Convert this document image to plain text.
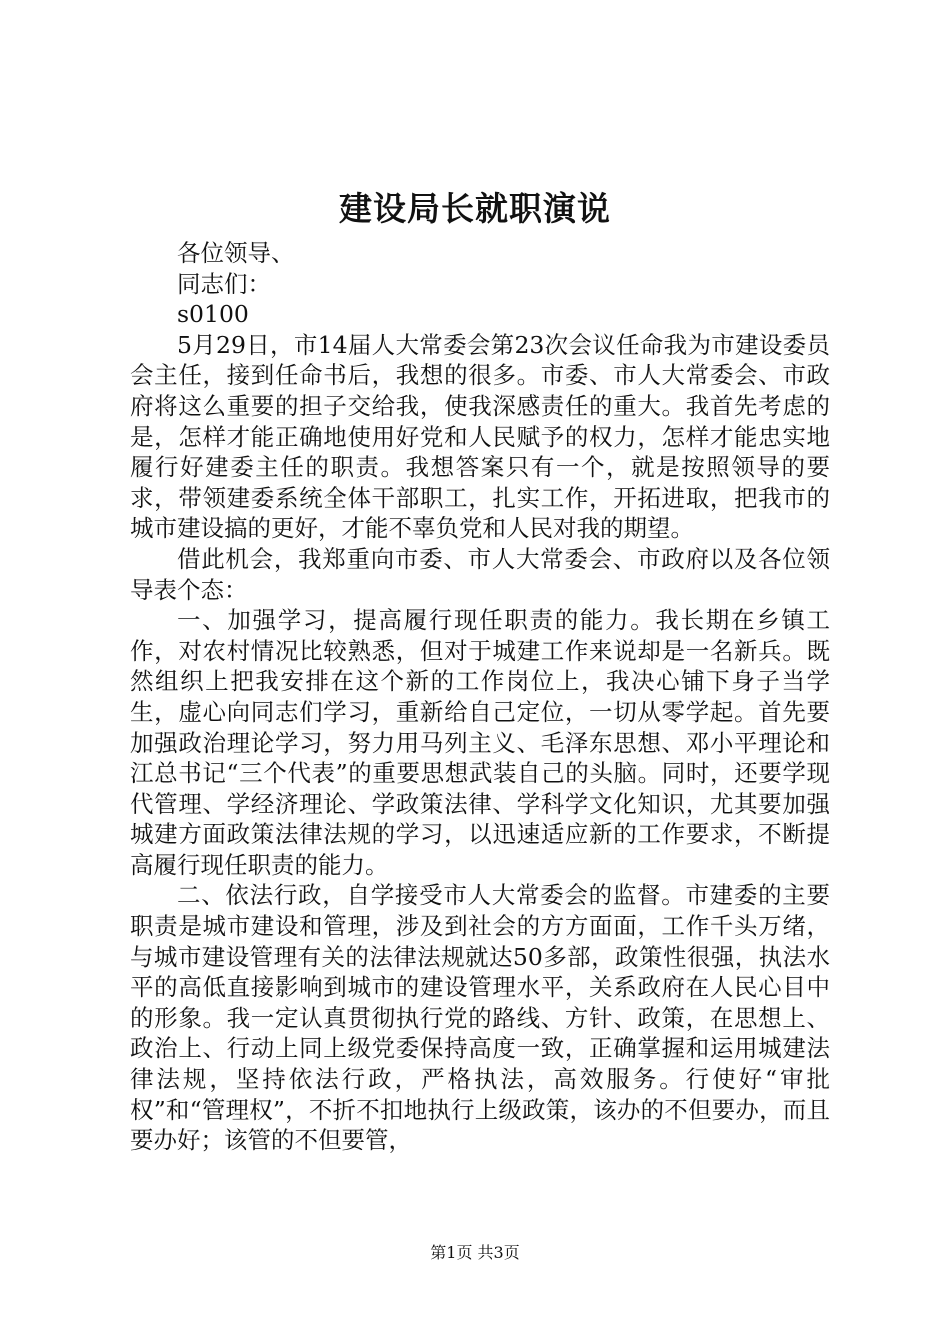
建设局长就职演说

各位领导、

同志们：

s0100

5月29日，市14届人大常委会第23次会议任命我为市建设委员会主任，接到任命书后，我想的很多。市委、市人大常委会、市政府将这么重要的担子交给我，使我深感责任的重大。我首先考虑的是，怎样才能正确地使用好党和人民赋予的权力，怎样才能忠实地履行好建委主任的职责。我想答案只有一个，就是按照领导的要求，带领建委系统全体干部职工，扎实工作，开拓进取，把我市的城市建设搞的更好，才能不辜负党和人民对我的期望。

借此机会，我郑重向市委、市人大常委会、市政府以及各位领导表个态：

一、加强学习，提高履行现任职责的能力。我长期在乡镇工作，对农村情况比较熟悉，但对于城建工作来说却是一名新兵。既然组织上把我安排在这个新的工作岗位上，我决心铺下身子当学生，虚心向同志们学习，重新给自己定位，一切从零学起。首先要加强政治理论学习，努力用马列主义、毛泽东思想、邓小平理论和江总书记“三个代表”的重要思想武装自己的头脑。同时，还要学现代管理、学经济理论、学政策法律、学科学文化知识，尤其要加强城建方面政策法律法规的学习，以迅速适应新的工作要求，不断提高履行现任职责的能力。

二、依法行政，自学接受市人大常委会的监督。市建委的主要职责是城市建设和管理，涉及到社会的方方面面，工作千头万绪，与城市建设管理有关的法律法规就达50多部，政策性很强，执法水平的高低直接影响到城市的建设管理水平，关系政府在人民心目中的形象。我一定认真贯彻执行党的路线、方针、政策，在思想上、政治上、行动上同上级党委保持高度一致，正确掌握和运用城建法律法规，坚持依法行政，严格执法，高效服务。行使好“审批权”和“管理权”，不折不扣地执行上级政策，该办的不但要办，而且要办好；该管的不但要管，

第1页 共3页
